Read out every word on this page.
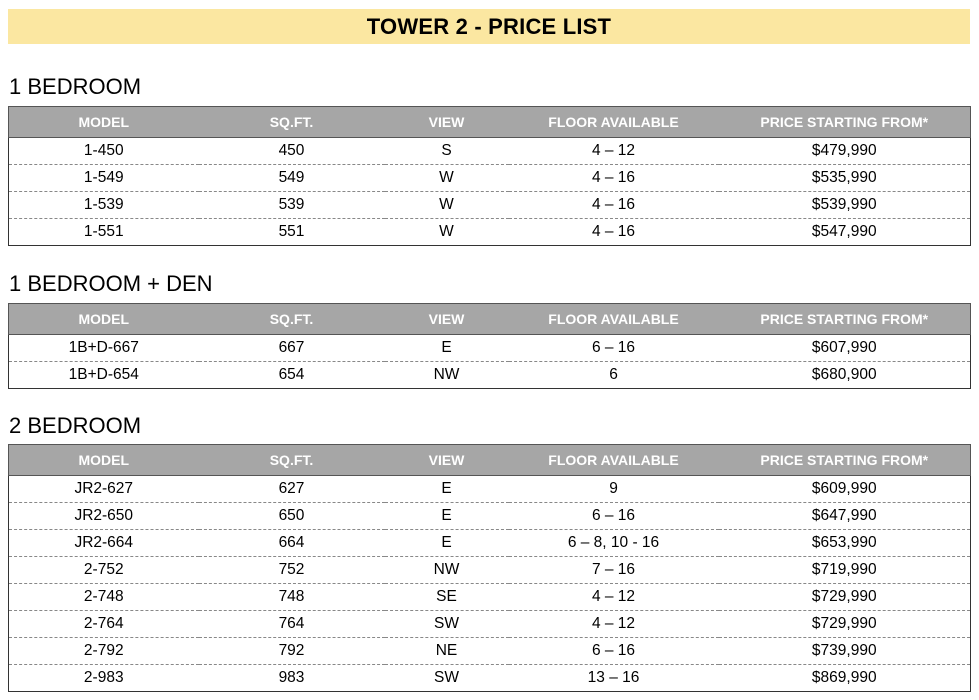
TOWER 2 - PRICE LIST
1 BEDROOM
MODEL	SQ.FT.	VIEW	FLOOR AVAILABLE	PRICE STARTING FROM*
1-450	450	S	4 – 12	$479,990
1-549	549	W	4 – 16	$535,990
1-539	539	W	4 – 16	$539,990
1-551	551	W	4 – 16	$547,990
1 BEDROOM + DEN
MODEL	SQ.FT.	VIEW	FLOOR AVAILABLE	PRICE STARTING FROM*
1B+D-667	667	E	6 – 16	$607,990
1B+D-654	654	NW	6	$680,900
2 BEDROOM
MODEL	SQ.FT.	VIEW	FLOOR AVAILABLE	PRICE STARTING FROM*
JR2-627	627	E	9	$609,990
JR2-650	650	E	6 – 16	$647,990
JR2-664	664	E	6 – 8, 10 - 16	$653,990
2-752	752	NW	7 – 16	$719,990
2-748	748	SE	4 – 12	$729,990
2-764	764	SW	4 – 12	$729,990
2-792	792	NE	6 – 16	$739,990
2-983	983	SW	13 – 16	$869,990
